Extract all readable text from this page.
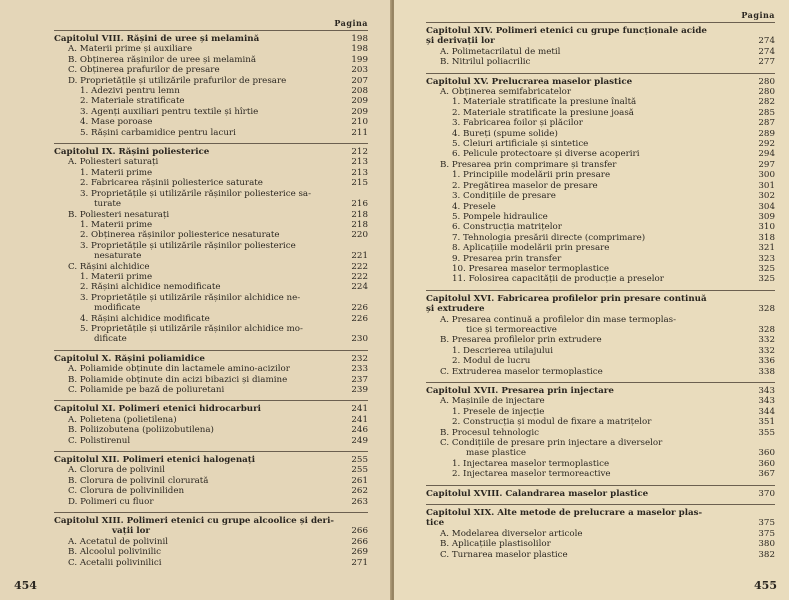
Pagina
Capitolul VIII. Rășini de uree și melamină	198
A. Materii prime și auxiliare	198
B. Obținerea rășinilor de uree și melamină	199
C. Obținerea prafurilor de presare	203
D. Proprietățile și utilizările prafurilor de presare	207
1. Adezivi pentru lemn	208
2. Materiale stratificate	209
3. Agenți auxiliari pentru textile și hîrtie	209
4. Mase poroase	210
5. Rășini carbamidice pentru lacuri	211
Capitolul IX. Rășini poliesterice	212
A. Poliesteri saturați	213
1. Materii prime	213
2. Fabricarea rășinii poliesterice saturate	215
3. Proprietățile și utilizările rășinilor poliesterice sa-
turate	216
B. Poliesteri nesaturați	218
1. Materii prime	218
2. Obținerea rășinilor poliesterice nesaturate	220
3. Proprietățile și utilizările rășinilor poliesterice
nesaturate	221
C. Rășini alchidice	222
1. Materii prime	222
2. Rășini alchidice nemodificate	224
3. Proprietățile și utilizările rășinilor alchidice ne-
modificate	226
4. Rășini alchidice modificate	226
5. Proprietățile și utilizările rășinilor alchidice mo-
dificate	230
Capitolul X. Rășini poliamidice	232
A. Poliamide obținute din lactamele amino-acizilor	233
B. Poliamide obținute din acizi bibazici și diamine	237
C. Poliamide pe bază de poliuretani	239
Capitolul XI. Polimeri etenici hidrocarburi	241
A. Polietena (polietilena)	241
B. Poliizobutena (poliizobutilena)	246
C. Polistirenul	249
Capitolul XII. Polimeri etenici halogenați	255
A. Clorura de polivinil	255
B. Clorura de polivinil clorurată	261
C. Clorura de poliviniliden	262
D. Polimeri cu fluor	263
Capitolul XIII. Polimeri etenici cu grupe alcoolice și deri-
vații lor	266
A. Acetatul de polivinil	266
B. Alcoolul polivinilic	269
C. Acetalii polivinilici	271
454
Pagina
Capitolul XIV. Polimeri etenici cu grupe funcționale acide
și derivații lor	274
A. Polimetacrilatul de metil	274
B. Nitrilul poliacrilic	277
Capitolul XV. Prelucrarea maselor plastice	280
A. Obținerea semifabricatelor	280
1. Materiale stratificate la presiune înaltă	282
2. Materiale stratificate la presiune joasă	285
3. Fabricarea foilor și plăcilor	287
4. Bureți (spume solide)	289
5. Cleiuri artificiale și sintetice	292
6. Pelicule protectoare și diverse acoperiri	294
B. Presarea prin comprimare și transfer	297
1. Principiile modelării prin presare	300
2. Pregătirea maselor de presare	301
3. Condițiile de presare	302
4. Presele	304
5. Pompele hidraulice	309
6. Construcția matrițelor	310
7. Tehnologia presării directe (comprimare)	318
8. Aplicațiile modelării prin presare	321
9. Presarea prin transfer	323
10. Presarea maselor termoplastice	325
11. Folosirea capacității de producție a preselor	325
Capitolul XVI. Fabricarea profilelor prin presare continuă
și extrudere	328
A. Presarea continuă a profilelor din mase termoplas-
tice și termoreactive	328
B. Presarea profilelor prin extrudere	332
1. Descrierea utilajului	332
2. Modul de lucru	336
C. Extruderea maselor termoplastice	338
Capitolul XVII. Presarea prin injectare	343
A. Mașinile de injectare	343
1. Presele de injecție	344
2. Construcția și modul de fixare a matrițelor	351
B. Procesul tehnologic	355
C. Condițiile de presare prin injectare a diverselor
mase plastice	360
1. Injectarea maselor termoplastice	360
2. Injectarea maselor termoreactive	367
Capitolul XVIII. Calandrarea maselor plastice	370
Capitolul XIX. Alte metode de prelucrare a maselor plas-
tice	375
A. Modelarea diverselor articole	375
B. Aplicațiile plastisolilor	380
C. Turnarea maselor plastice	382
455
